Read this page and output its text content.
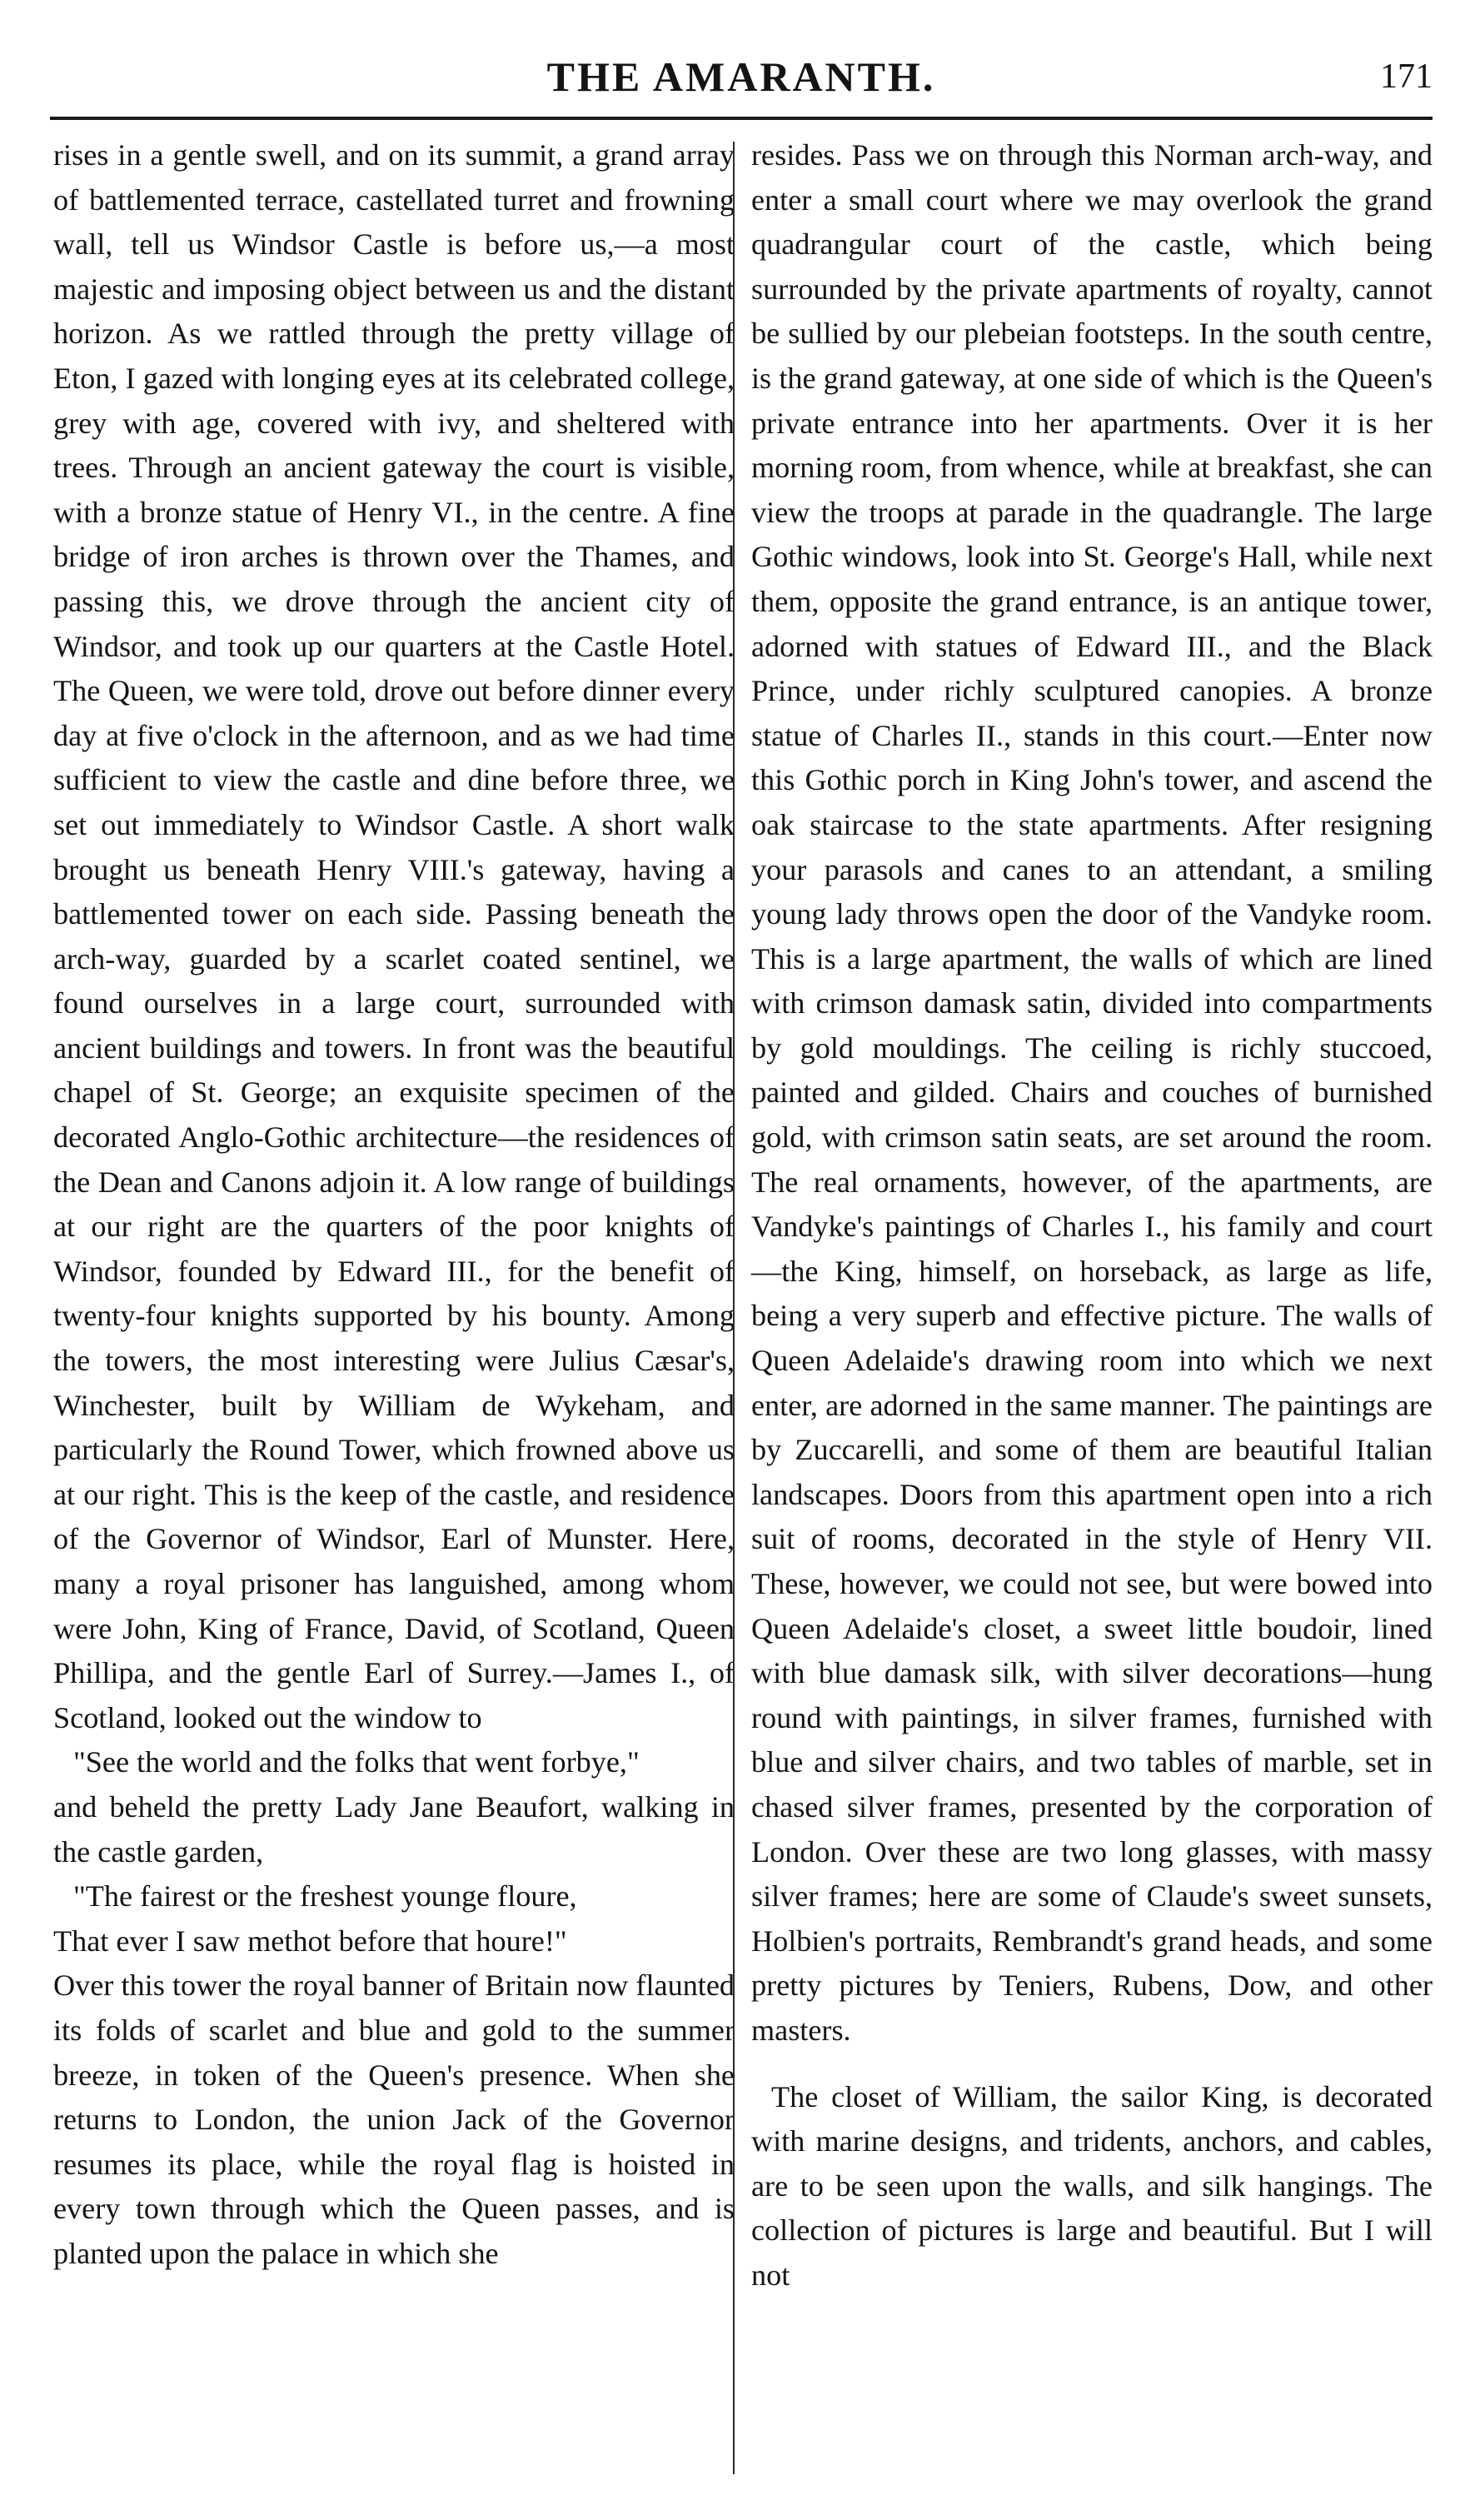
THE AMARANTH.	171

rises in a gentle swell, and on its summit, a grand array of battlemented terrace, castellated turret and frowning wall, tell us Windsor Castle is before us,—a most majestic and imposing object between us and the distant horizon. As we rattled through the pretty village of Eton, I gazed with longing eyes at its celebrated college, grey with age, covered with ivy, and sheltered with trees. Through an ancient gateway the court is visible, with a bronze statue of Henry VI., in the centre. A fine bridge of iron arches is thrown over the Thames, and passing this, we drove through the ancient city of Windsor, and took up our quarters at the Castle Hotel. The Queen, we were told, drove out before dinner every day at five o'clock in the afternoon, and as we had time sufficient to view the castle and dine before three, we set out immediately to Windsor Castle. A short walk brought us beneath Henry VIII.'s gateway, having a battlemented tower on each side. Passing beneath the arch-way, guarded by a scarlet coated sentinel, we found ourselves in a large court, surrounded with ancient buildings and towers. In front was the beautiful chapel of St. George; an exquisite specimen of the decorated Anglo-Gothic architecture—the residences of the Dean and Canons adjoin it. A low range of buildings at our right are the quarters of the poor knights of Windsor, founded by Edward III., for the benefit of twenty-four knights supported by his bounty. Among the towers, the most interesting were Julius Cæsar's, Winchester, built by William de Wykeham, and particularly the Round Tower, which frowned above us at our right. This is the keep of the castle, and residence of the Governor of Windsor, Earl of Munster. Here, many a royal prisoner has languished, among whom were John, King of France, David, of Scotland, Queen Phillipa, and the gentle Earl of Surrey.—James I., of Scotland, looked out the window to

"See the world and the folks that went forbye,"

and beheld the pretty Lady Jane Beaufort, walking in the castle garden,

"The fairest or the freshest younge floure,

That ever I saw methot before that houre!"

Over this tower the royal banner of Britain now flaunted its folds of scarlet and blue and gold to the summer breeze, in token of the Queen's presence. When she returns to London, the union Jack of the Governor resumes its place, while the royal flag is hoisted in every town through which the Queen passes, and is planted upon the palace in which she

resides. Pass we on through this Norman arch-way, and enter a small court where we may overlook the grand quadrangular court of the castle, which being surrounded by the private apartments of royalty, cannot be sullied by our plebeian footsteps. In the south centre, is the grand gateway, at one side of which is the Queen's private entrance into her apartments. Over it is her morning room, from whence, while at breakfast, she can view the troops at parade in the quadrangle. The large Gothic windows, look into St. George's Hall, while next them, opposite the grand entrance, is an antique tower, adorned with statues of Edward III., and the Black Prince, under richly sculptured canopies. A bronze statue of Charles II., stands in this court.—Enter now this Gothic porch in King John's tower, and ascend the oak staircase to the state apartments. After resigning your parasols and canes to an attendant, a smiling young lady throws open the door of the Vandyke room. This is a large apartment, the walls of which are lined with crimson damask satin, divided into compartments by gold mouldings. The ceiling is richly stuccoed, painted and gilded. Chairs and couches of burnished gold, with crimson satin seats, are set around the room. The real ornaments, however, of the apartments, are Vandyke's paintings of Charles I., his family and court—the King, himself, on horseback, as large as life, being a very superb and effective picture. The walls of Queen Adelaide's drawing room into which we next enter, are adorned in the same manner. The paintings are by Zuccarelli, and some of them are beautiful Italian landscapes. Doors from this apartment open into a rich suit of rooms, decorated in the style of Henry VII. These, however, we could not see, but were bowed into Queen Adelaide's closet, a sweet little boudoir, lined with blue damask silk, with silver decorations—hung round with paintings, in silver frames, furnished with blue and silver chairs, and two tables of marble, set in chased silver frames, presented by the corporation of London. Over these are two long glasses, with massy silver frames; here are some of Claude's sweet sunsets, Holbien's portraits, Rembrandt's grand heads, and some pretty pictures by Teniers, Rubens, Dow, and other masters.

The closet of William, the sailor King, is decorated with marine designs, and tridents, anchors, and cables, are to be seen upon the walls, and silk hangings. The collection of pictures is large and beautiful. But I will not
